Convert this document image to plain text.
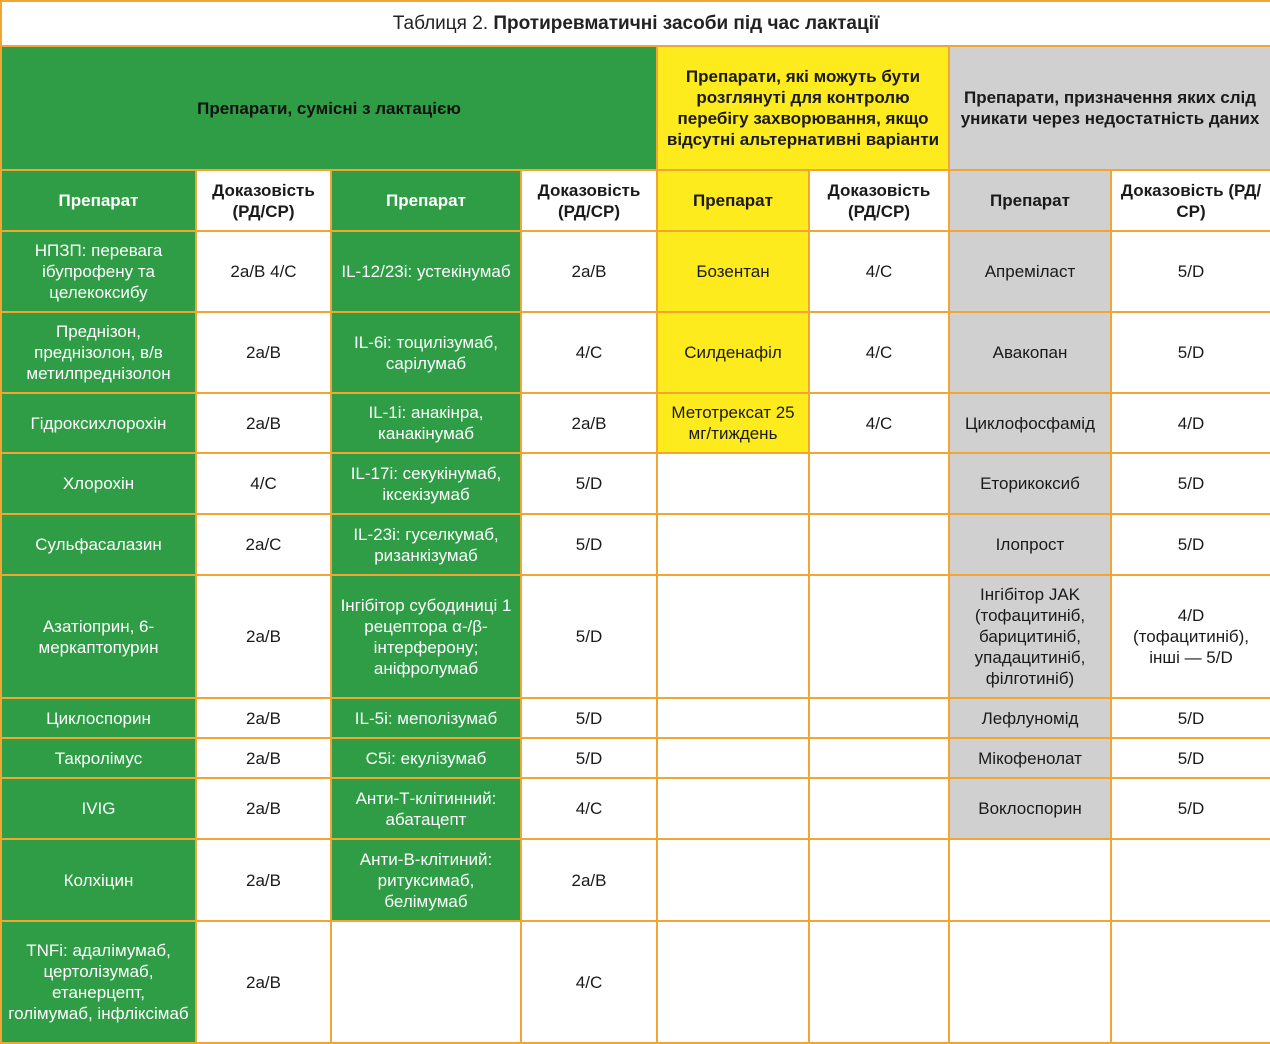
Таблиця 2. Протиревматичні засоби під час лактації							
Препарати, сумісні з лактацією				Препарати, які можуть бути розглянуті для контролю перебігу захворювання, якщо відсутні альтернативні варіанти		Препарати, призначення яких слід уникати через недостатність даних	
Препарат	Доказовість (РД/СР)	Препарат	Доказовість (РД/СР)	Препарат	Доказовість (РД/СР)	Препарат	Доказовість (РД/СР)
НПЗП: перевага ібупрофену та целекоксибу	2a/B 4/C	IL-12/23i: устекінумаб	2a/B	Бозентан	4/C	Апреміласт	5/D
Преднізон, преднізолон, в/в метилпреднізолон	2a/B	IL-6i: тоцилізумаб, сарілумаб	4/C	Силденафіл	4/C	Авакопан	5/D
Гідроксихлорохін	2a/B	IL-1i: анакінра, канакінумаб	2a/B	Метотрексат 25 мг/тиждень	4/C	Циклофосфамід	4/D
Хлорохін	4/C	IL-17i: секукінумаб, іксекізумаб	5/D			Еторикоксиб	5/D
Сульфасалазин	2a/C	IL-23i: гуселкумаб, ризанкізумаб	5/D			Ілопрост	5/D
Азатіоприн, 6-меркаптопурин	2a/B	Інгібітор субодиниці 1 рецептора α-/β-інтерферону; аніфролумаб	5/D			Інгібітор JAK (тофацитиніб, барицитиніб, упадацитиніб, філготиніб)	4/D (тофацитиніб), інші — 5/D
Циклоспорин	2a/B	IL-5i: меполізумаб	5/D			Лефлуномід	5/D
Такролімус	2a/B	C5i: екулізумаб	5/D			Мікофенолат	5/D
IVIG	2a/B	Анти-Т-клітинний: абатацепт	4/C			Воклоспорин	5/D
Колхіцин	2a/B	Анти-В-клітиний: ритуксимаб, белімумаб	2a/B				
TNFi: адалімумаб, цертолізумаб, етанерцепт, голімумаб, інфліксімаб	2a/B		4/C				
